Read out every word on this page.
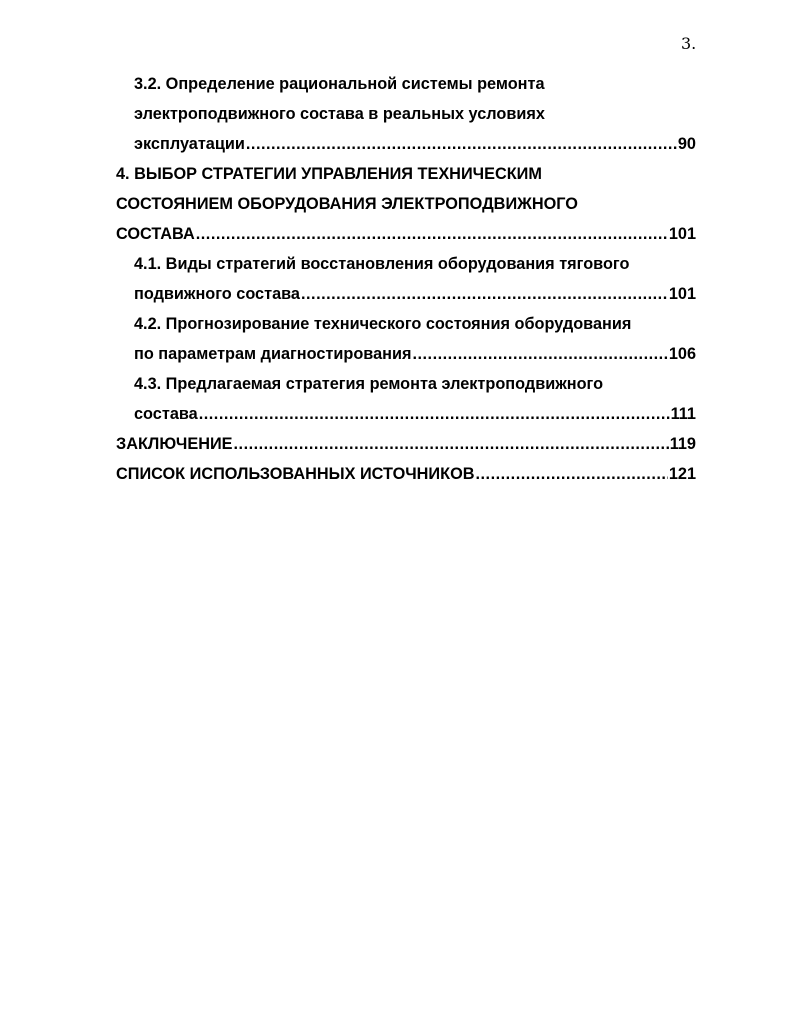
3.
3.2. Определение рациональной системы ремонта
электроподвижного состава в реальных условиях
эксплуатации .....	90
4. ВЫБОР СТРАТЕГИИ УПРАВЛЕНИЯ ТЕХНИЧЕСКИМ
СОСТОЯНИЕМ ОБОРУДОВАНИЯ ЭЛЕКТРОПОДВИЖНОГО
СОСТАВА .....	101
4.1. Виды стратегий восстановления оборудования тягового
подвижного состава .....	101
4.2. Прогнозирование технического состояния оборудования
по параметрам диагностирования .....	106
4.3. Предлагаемая стратегия ремонта электроподвижного
состава .....	111
ЗАКЛЮЧЕНИЕ .....	119
СПИСОК ИСПОЛЬЗОВАННЫХ ИСТОЧНИКОВ .....	121
